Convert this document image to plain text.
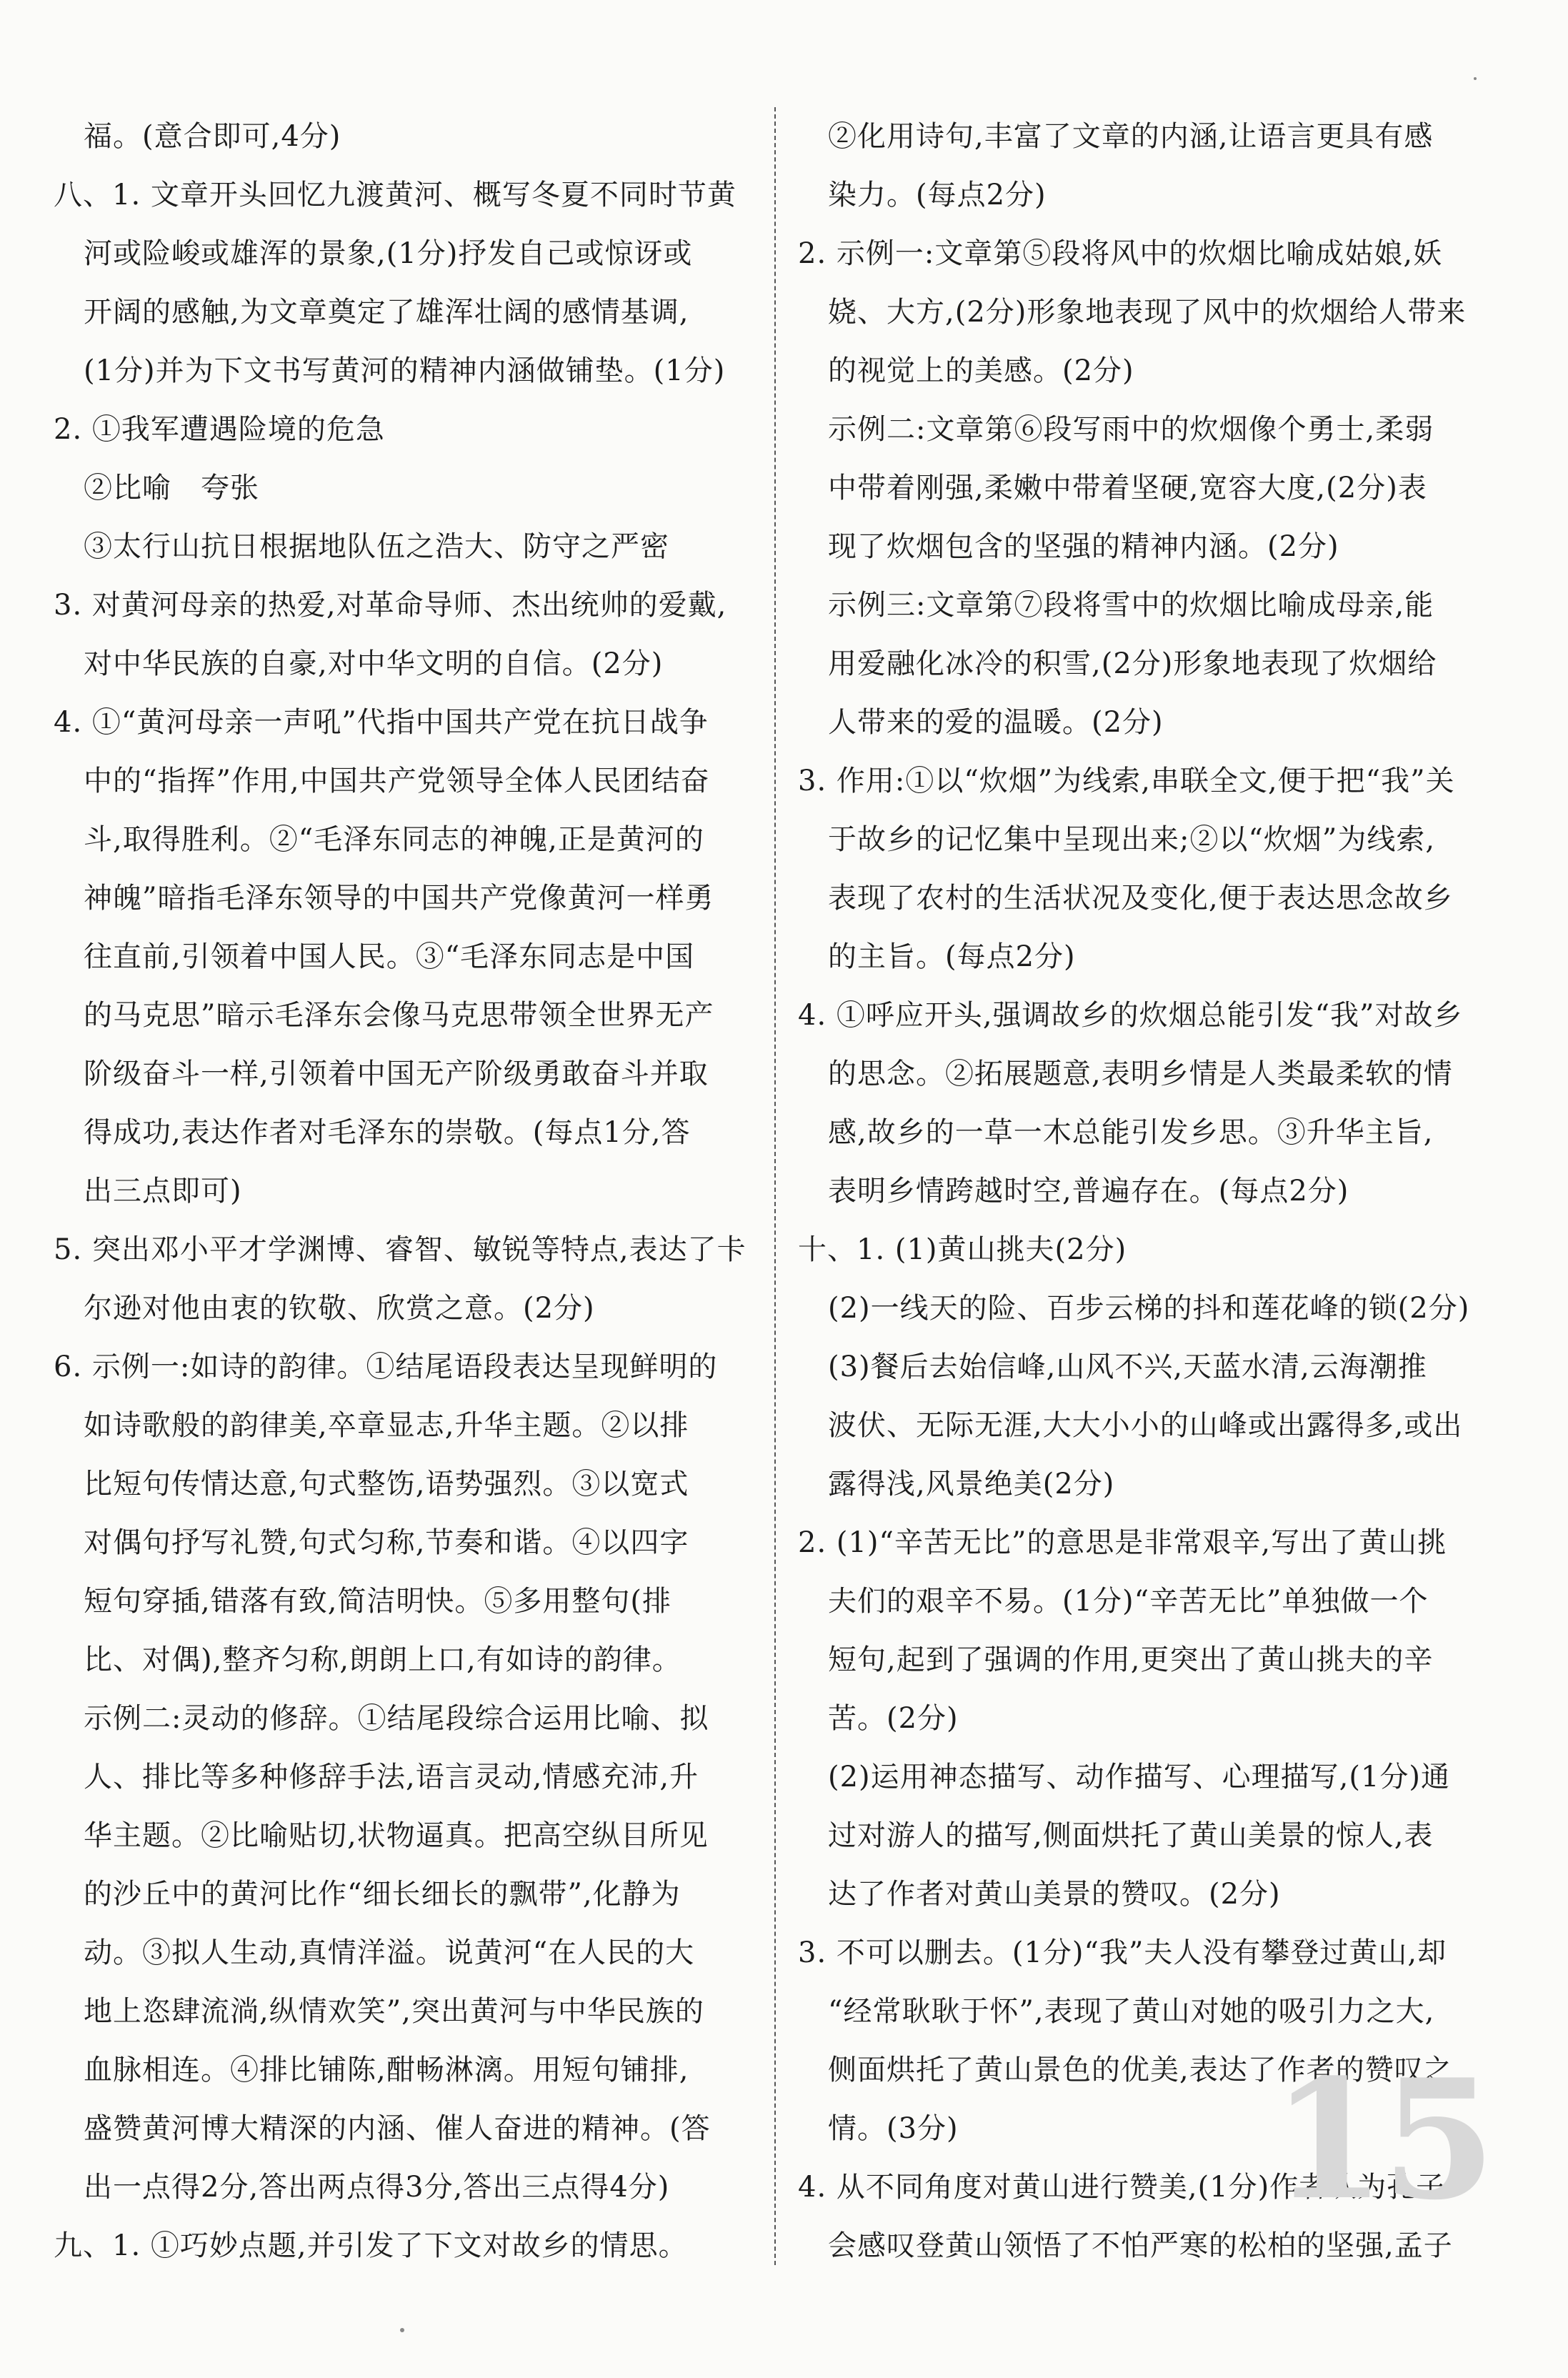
福。(意合即可,4分)
八、1. 文章开头回忆九渡黄河、概写冬夏不同时节黄
河或险峻或雄浑的景象,(1分)抒发自己或惊讶或
开阔的感触,为文章奠定了雄浑壮阔的感情基调,
(1分)并为下文书写黄河的精神内涵做铺垫。(1分)
2. ①我军遭遇险境的危急
②比喻　夸张
③太行山抗日根据地队伍之浩大、防守之严密
3. 对黄河母亲的热爱,对革命导师、杰出统帅的爱戴,
对中华民族的自豪,对中华文明的自信。(2分)
4. ①“黄河母亲一声吼”代指中国共产党在抗日战争
中的“指挥”作用,中国共产党领导全体人民团结奋
斗,取得胜利。②“毛泽东同志的神魄,正是黄河的
神魄”暗指毛泽东领导的中国共产党像黄河一样勇
往直前,引领着中国人民。③“毛泽东同志是中国
的马克思”暗示毛泽东会像马克思带领全世界无产
阶级奋斗一样,引领着中国无产阶级勇敢奋斗并取
得成功,表达作者对毛泽东的崇敬。(每点1分,答
出三点即可)
5. 突出邓小平才学渊博、睿智、敏锐等特点,表达了卡
尔逊对他由衷的钦敬、欣赏之意。(2分)
6. 示例一:如诗的韵律。①结尾语段表达呈现鲜明的
如诗歌般的韵律美,卒章显志,升华主题。②以排
比短句传情达意,句式整饬,语势强烈。③以宽式
对偶句抒写礼赞,句式匀称,节奏和谐。④以四字
短句穿插,错落有致,简洁明快。⑤多用整句(排
比、对偶),整齐匀称,朗朗上口,有如诗的韵律。
示例二:灵动的修辞。①结尾段综合运用比喻、拟
人、排比等多种修辞手法,语言灵动,情感充沛,升
华主题。②比喻贴切,状物逼真。把高空纵目所见
的沙丘中的黄河比作“细长细长的飘带”,化静为
动。③拟人生动,真情洋溢。说黄河“在人民的大
地上恣肆流淌,纵情欢笑”,突出黄河与中华民族的
血脉相连。④排比铺陈,酣畅淋漓。用短句铺排,
盛赞黄河博大精深的内涵、催人奋进的精神。(答
出一点得2分,答出两点得3分,答出三点得4分)
九、1. ①巧妙点题,并引发了下文对故乡的情思。
②化用诗句,丰富了文章的内涵,让语言更具有感
染力。(每点2分)
2. 示例一:文章第⑤段将风中的炊烟比喻成姑娘,妖
娆、大方,(2分)形象地表现了风中的炊烟给人带来
的视觉上的美感。(2分)
示例二:文章第⑥段写雨中的炊烟像个勇士,柔弱
中带着刚强,柔嫩中带着坚硬,宽容大度,(2分)表
现了炊烟包含的坚强的精神内涵。(2分)
示例三:文章第⑦段将雪中的炊烟比喻成母亲,能
用爱融化冰冷的积雪,(2分)形象地表现了炊烟给
人带来的爱的温暖。(2分)
3. 作用:①以“炊烟”为线索,串联全文,便于把“我”关
于故乡的记忆集中呈现出来;②以“炊烟”为线索,
表现了农村的生活状况及变化,便于表达思念故乡
的主旨。(每点2分)
4. ①呼应开头,强调故乡的炊烟总能引发“我”对故乡
的思念。②拓展题意,表明乡情是人类最柔软的情
感,故乡的一草一木总能引发乡思。③升华主旨,
表明乡情跨越时空,普遍存在。(每点2分)
十、1. (1)黄山挑夫(2分)
(2)一线天的险、百步云梯的抖和莲花峰的锁(2分)
(3)餐后去始信峰,山风不兴,天蓝水清,云海潮推
波伏、无际无涯,大大小小的山峰或出露得多,或出
露得浅,风景绝美(2分)
2. (1)“辛苦无比”的意思是非常艰辛,写出了黄山挑
夫们的艰辛不易。(1分)“辛苦无比”单独做一个
短句,起到了强调的作用,更突出了黄山挑夫的辛
苦。(2分)
(2)运用神态描写、动作描写、心理描写,(1分)通
过对游人的描写,侧面烘托了黄山美景的惊人,表
达了作者对黄山美景的赞叹。(2分)
3. 不可以删去。(1分)“我”夫人没有攀登过黄山,却
“经常耿耿于怀”,表现了黄山对她的吸引力之大,
侧面烘托了黄山景色的优美,表达了作者的赞叹之
情。(3分)
4. 从不同角度对黄山进行赞美,(1分)作者认为孔子
会感叹登黄山领悟了不怕严寒的松柏的坚强,孟子
15
